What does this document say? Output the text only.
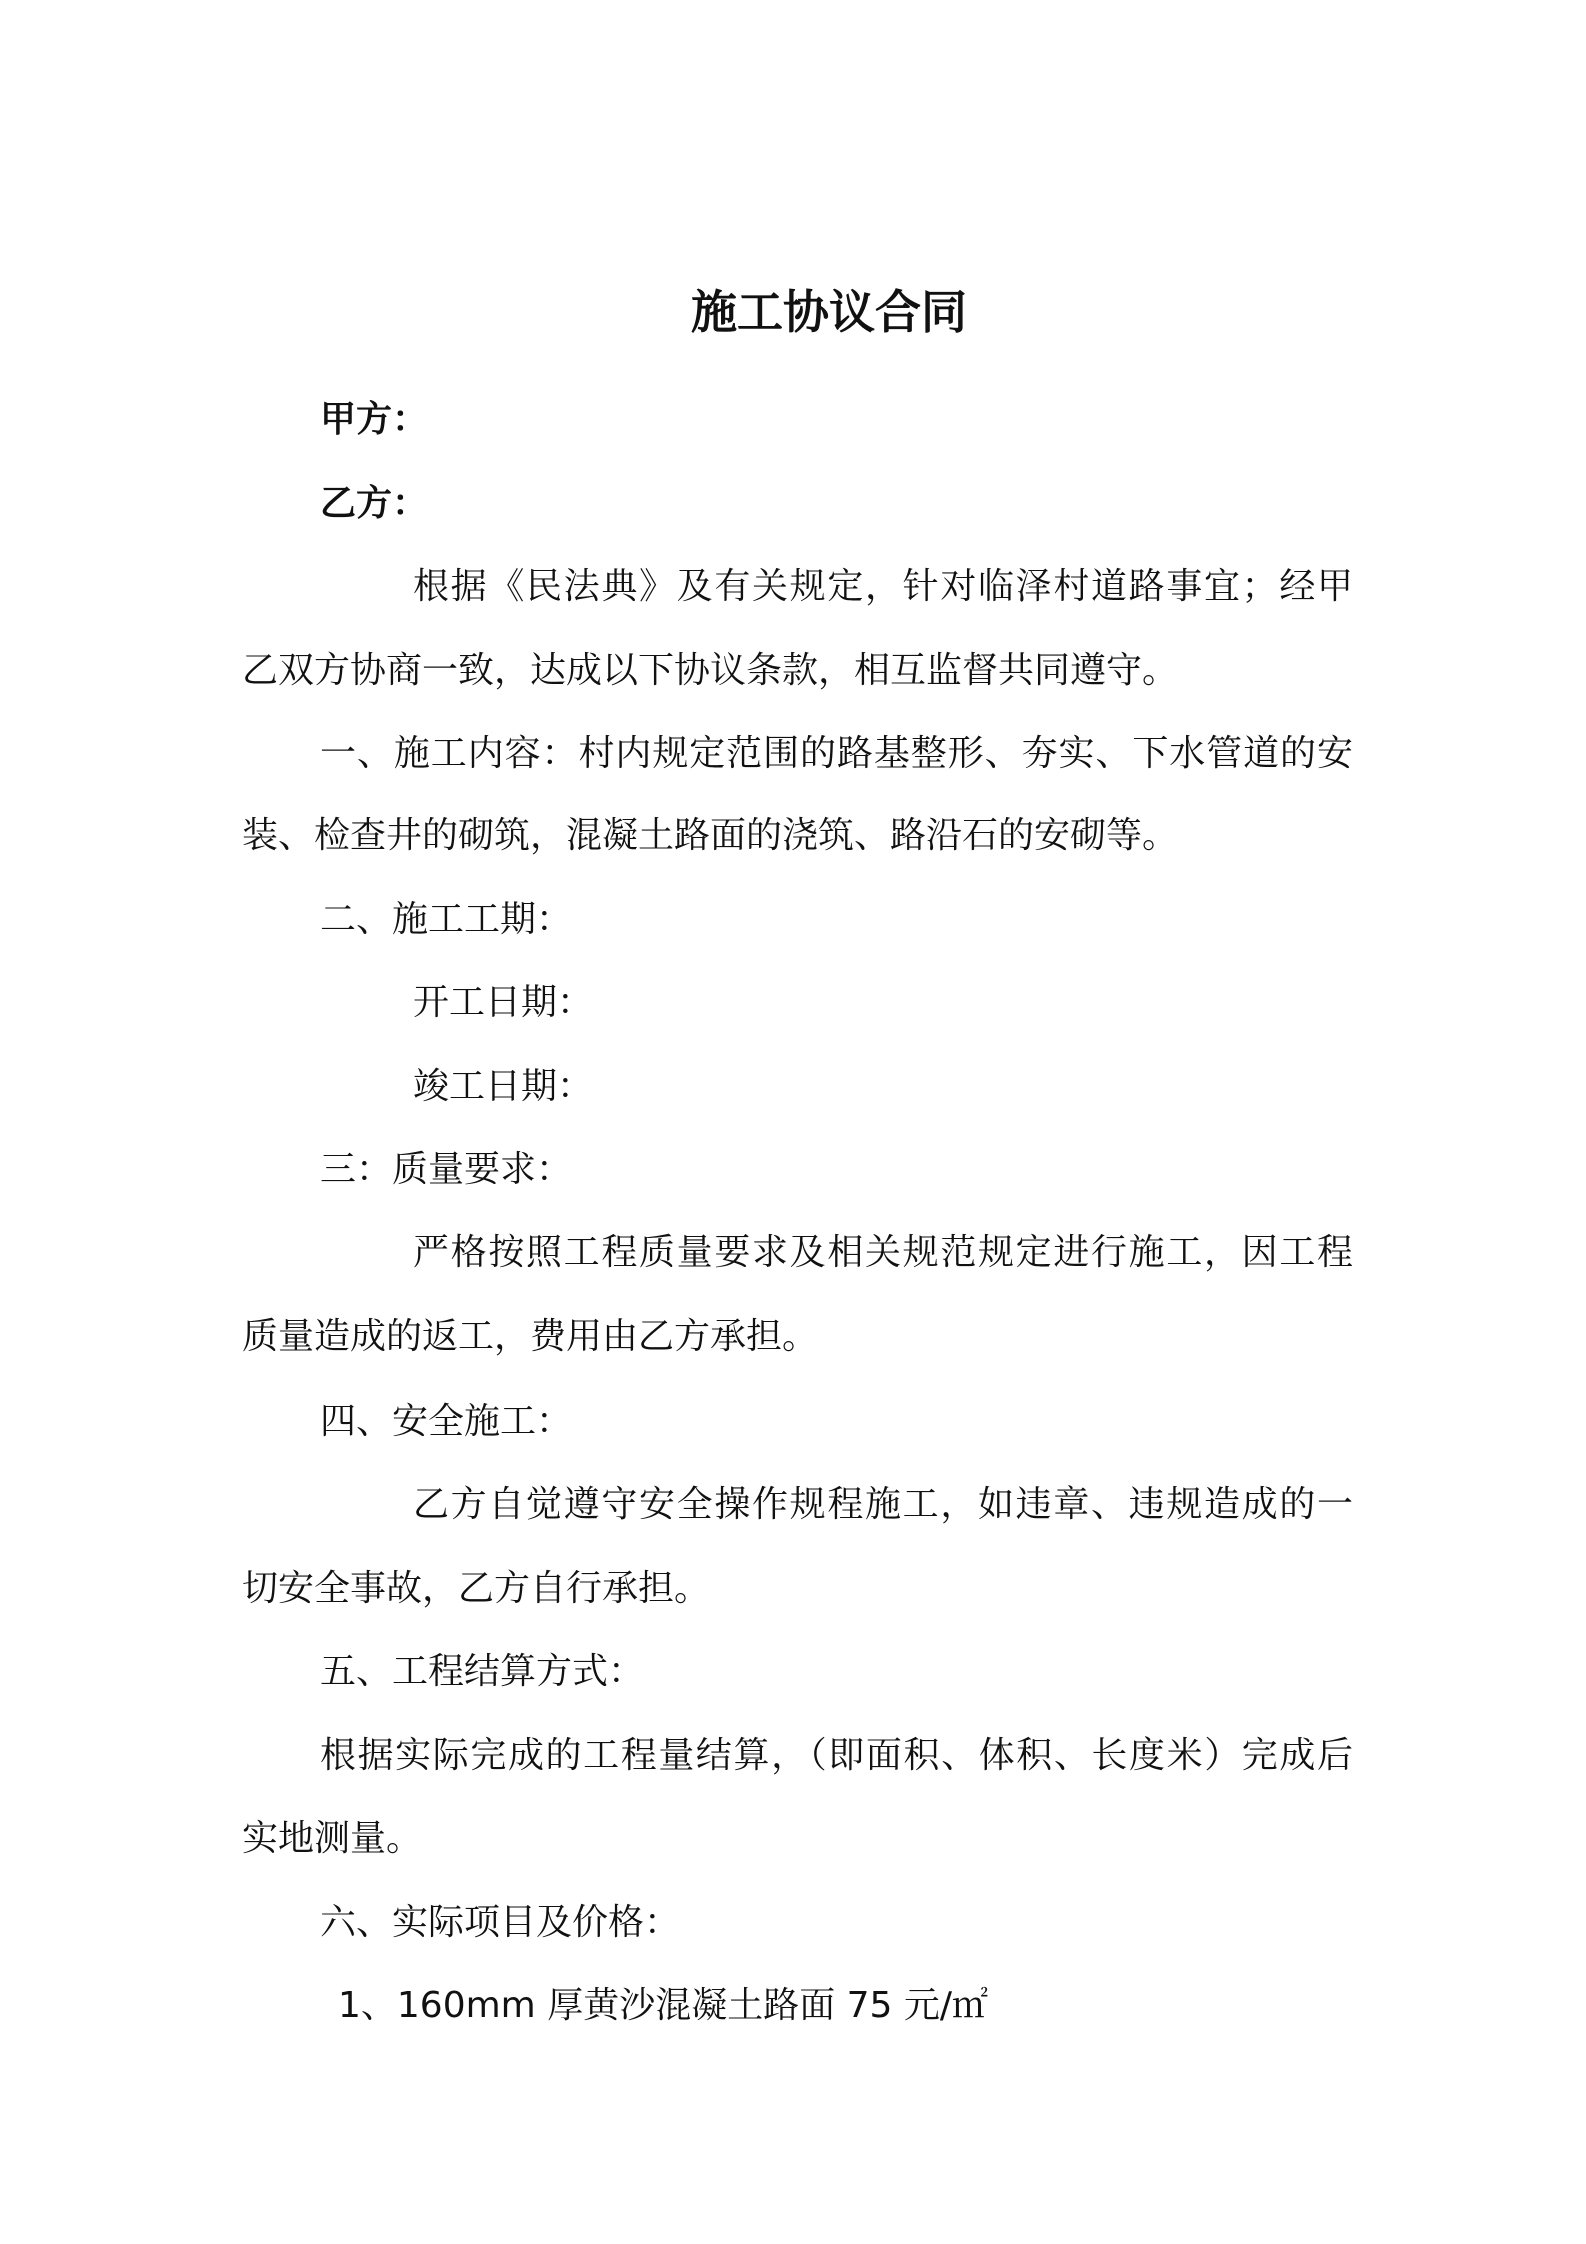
施工协议合同
甲方：
乙方：
根据《民法典》及有关规定，针对临泽村道路事宜；经甲
乙双方协商一致，达成以下协议条款，相互监督共同遵守。
一、施工内容：村内规定范围的路基整形、夯实、下水管道的安
装、检查井的砌筑，混凝土路面的浇筑、路沿石的安砌等。
二、施工工期：
开工日期：
竣工日期：
三：质量要求：
严格按照工程质量要求及相关规范规定进行施工，因工程
质量造成的返工，费用由乙方承担。
四、安全施工：
乙方自觉遵守安全操作规程施工，如违章、违规造成的一
切安全事故，乙方自行承担。
五、工程结算方式：
根据实际完成的工程量结算，（即面积、体积、长度米）完成后
实地测量。
六、实际项目及价格：
1、160mm 厚黄沙混凝土路面 75 元/㎡
